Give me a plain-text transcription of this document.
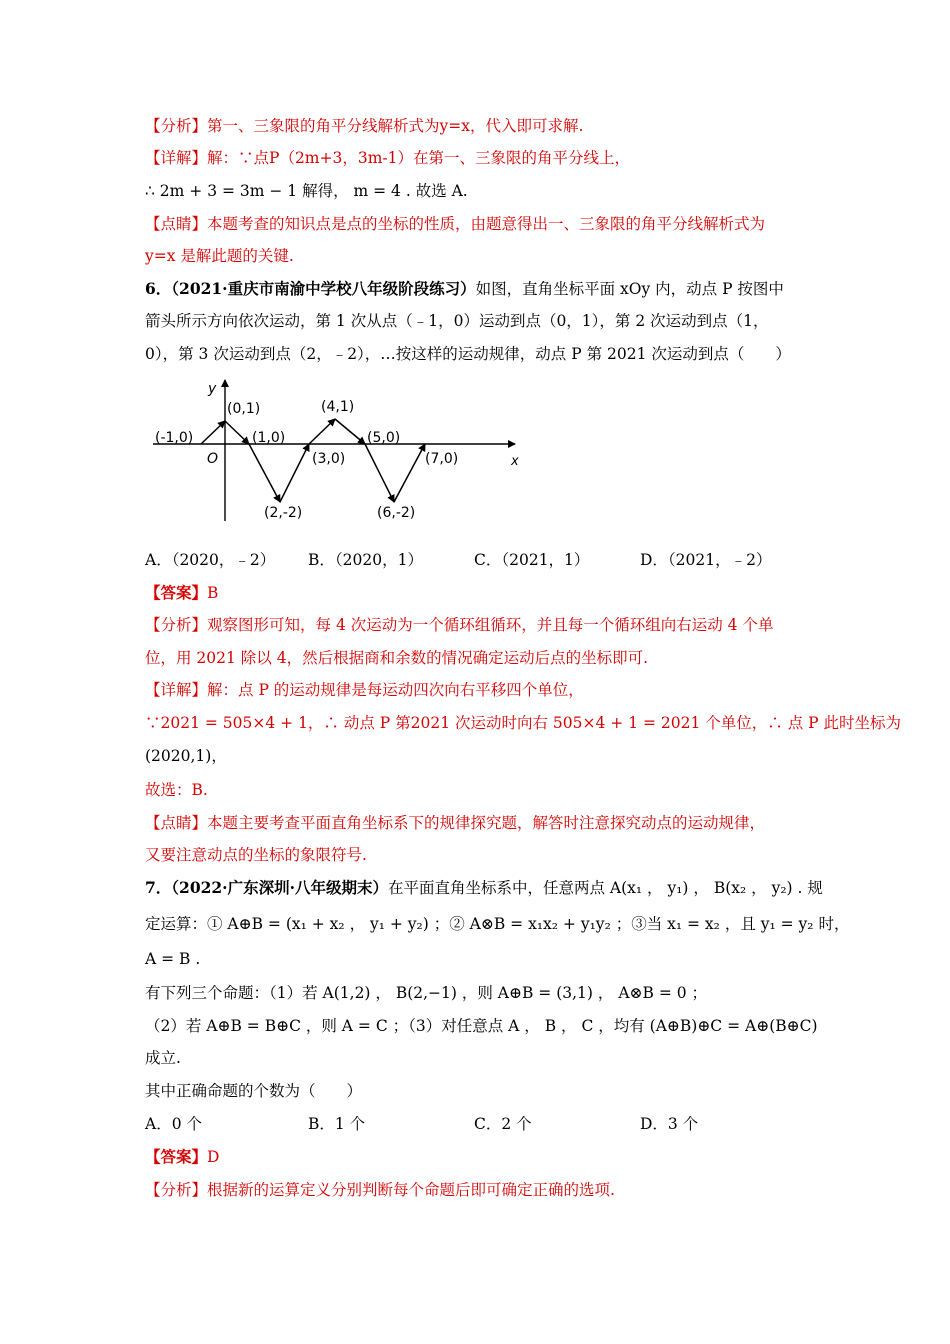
【分析】第一、三象限的角平分线解析式为y=x，代入即可求解.
【详解】解：∵点P（2m+3，3m-1）在第一、三象限的角平分线上，
∴ 2m + 3 = 3m − 1 解得， m = 4 . 故选 A.
【点睛】本题考查的知识点是点的坐标的性质，由题意得出一、三象限的角平分线解析式为
y=x 是解此题的关键.
6．（2021·重庆市南渝中学校八年级阶段练习）如图，直角坐标平面 xOy 内，动点 P 按图中
箭头所示方向依次运动，第 1 次从点（﹣1，0）运动到点（0，1），第 2 次运动到点（1，
0），第 3 次运动到点（2，﹣2），…按这样的运动规律，动点 P 第 2021 次运动到点（　　）
x
y
O
(-1,0)
(0,1)
(1,0)
(2,-2)
(3,0)
(4,1)
(5,0)
(6,-2)
(7,0)
A．（2020，﹣2） B．（2020，1）	C．（2021，1）	D．（2021，﹣2）
【答案】B
【分析】观察图形可知，每 4 次运动为一个循环组循环，并且每一个循环组向右运动 4 个单
位，用 2021 除以 4，然后根据商和余数的情况确定运动后点的坐标即可.
【详解】解：点 P 的运动规律是每运动四次向右平移四个单位，
∵2021 = 505×4 + 1，∴ 动点 P 第2021 次运动时向右 505×4 + 1 = 2021 个单位，∴ 点 P 此时坐标为
(2020,1)，
故选：B.
【点睛】本题主要考查平面直角坐标系下的规律探究题，解答时注意探究动点的运动规律，
又要注意动点的坐标的象限符号.
7．（2022·广东深圳·八年级期末）在平面直角坐标系中，任意两点 A(x₁ ， y₁) ， B(x₂ ， y₂) . 规
定运算：① A⊕B = (x₁ + x₂ ， y₁ + y₂) ；② A⊗B = x₁x₂ + y₁y₂ ；③当 x₁ = x₂ ，且 y₁ = y₂ 时，
A = B .
有下列三个命题：（1）若 A(1,2) ， B(2,−1) ，则 A⊕B = (3,1) ， A⊗B = 0 ；
（2）若 A⊕B = B⊕C ，则 A = C ；（3）对任意点 A ， B ， C ，均有 (A⊕B)⊕C = A⊕(B⊕C)
成立.
其中正确命题的个数为（　　）
A．0 个	B．1 个	C．2 个	D．3 个
【答案】D
【分析】根据新的运算定义分别判断每个命题后即可确定正确的选项.
